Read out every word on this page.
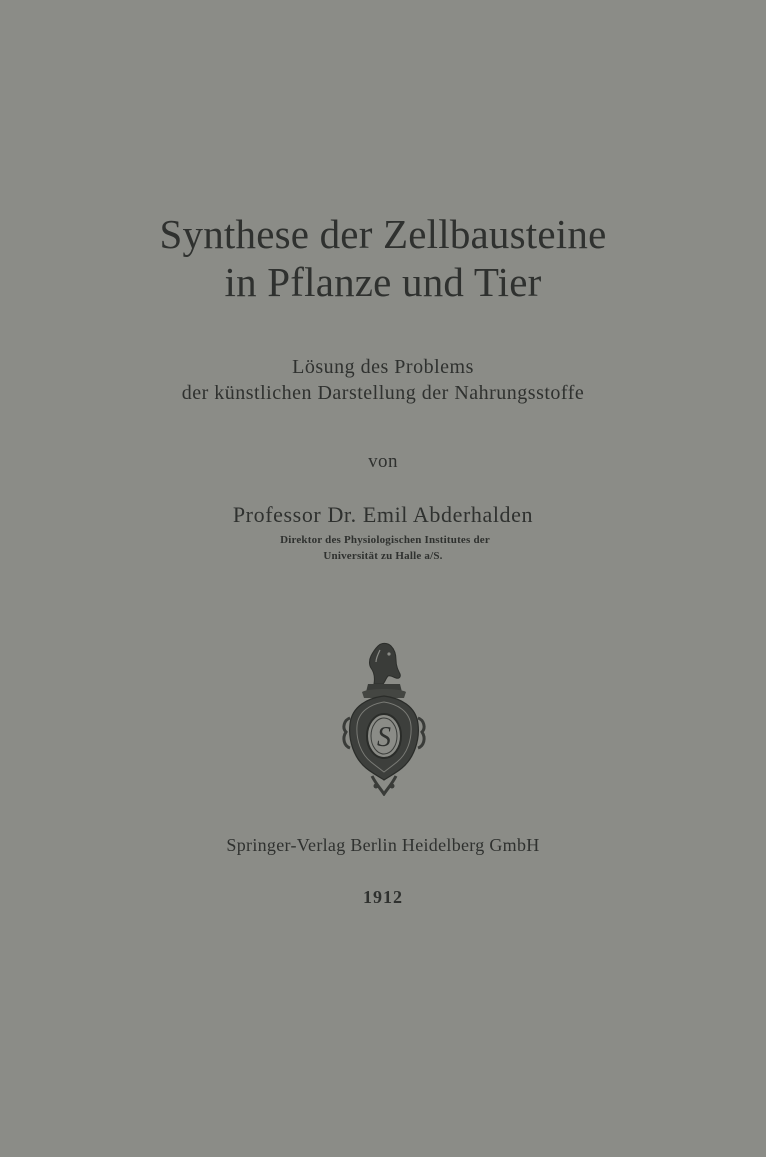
Synthese der Zellbausteine
in Pflanze und Tier
Lösung des Problems
der künstlichen Darstellung der Nahrungsstoffe
von
Professor Dr. Emil Abderhalden
Direktor des Physiologischen Institutes der
Universität zu Halle a/S.
S
Springer-Verlag Berlin Heidelberg GmbH
1912
